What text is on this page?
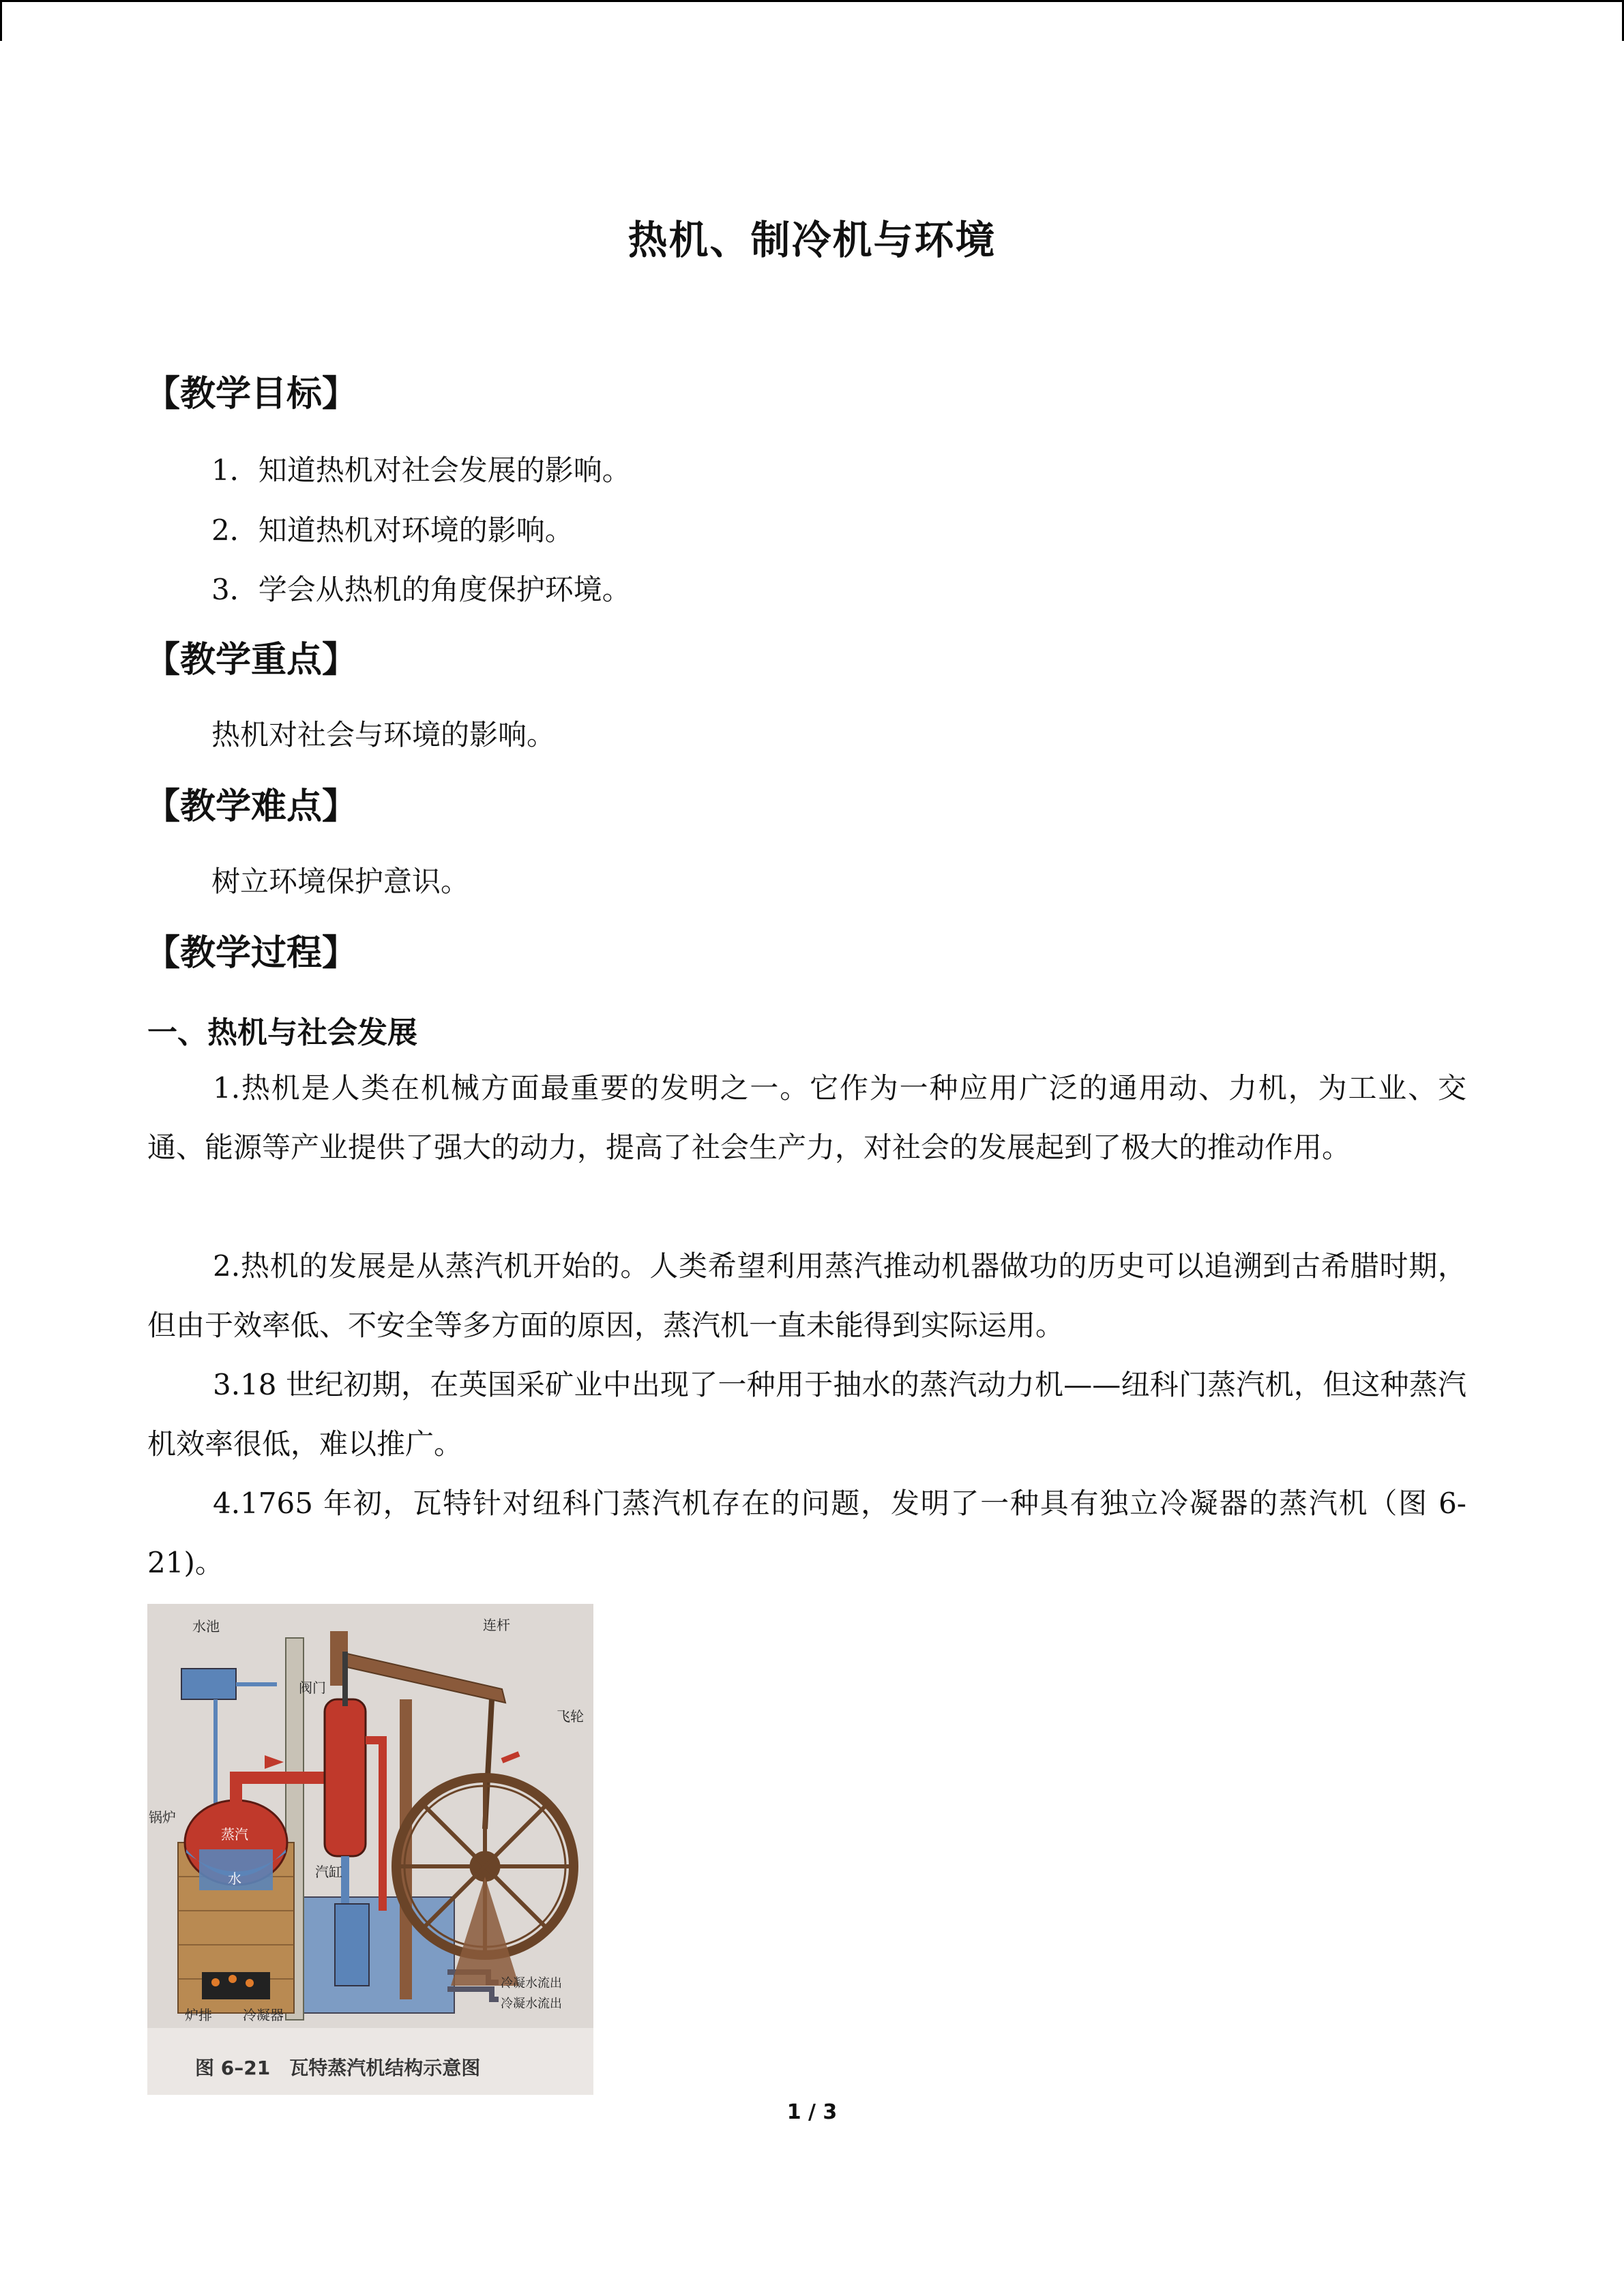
热机、制冷机与环境
【教学目标】
1．知道热机对社会发展的影响。
2．知道热机对环境的影响。
3．学会从热机的角度保护环境。
【教学重点】
热机对社会与环境的影响。
【教学难点】
树立环境保护意识。
【教学过程】
一、热机与社会发展
1.热机是人类在机械方面最重要的发明之一。它作为一种应用广泛的通用动、力机，为工业、交通、能源等产业提供了强大的动力，提高了社会生产力，对社会的发展起到了极大的推动作用。
2.热机的发展是从蒸汽机开始的。人类希望利用蒸汽推动机器做功的历史可以追溯到古希腊时期，但由于效率低、不安全等多方面的原因，蒸汽机一直未能得到实际运用。
3.18 世纪初期，在英国采矿业中出现了一种用于抽水的蒸汽动力机——纽科门蒸汽机，但这种蒸汽机效率很低，难以推广。
4.1765 年初，瓦特针对纽科门蒸汽机存在的问题，发明了一种具有独立冷凝器的蒸汽机（图 6-21)。
水池	连杆
阀门
飞轮
锅炉
蒸汽
水	汽缸
炉排 冷凝器
冷凝水流出
冷凝水流出
图 6–21　瓦特蒸汽机结构示意图
1 / 3
